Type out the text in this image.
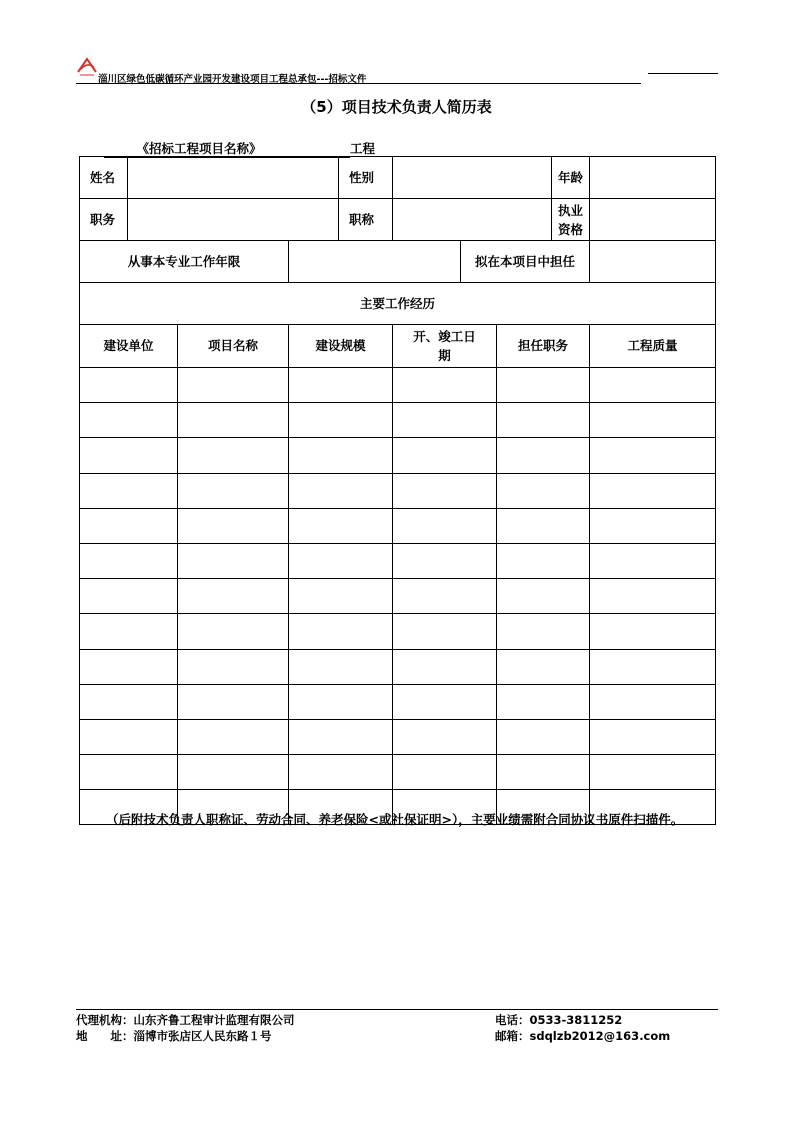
淄川区绿色低碳循环产业园开发建设项目工程总承包---招标文件
（5）项目技术负责人简历表
《招标工程项目名称》	工程
姓名				性别				年龄	
职务				职称				执业资格	
从事本专业工作年限						拟在本项目中担任			
主要工作经历									
建设单位		项目名称	建设规模		开、竣工日期		担任职务		工程质量

（后附技术负责人职称证、劳动合同、养老保险<或社保证明>），主要业绩需附合同协议书原件扫描件。
代理机构：山东齐鲁工程审计监理有限公司
地　　址：淄博市张店区人民东路１号
电话：0533-3811252
邮箱：sdqlzb2012@163.com
